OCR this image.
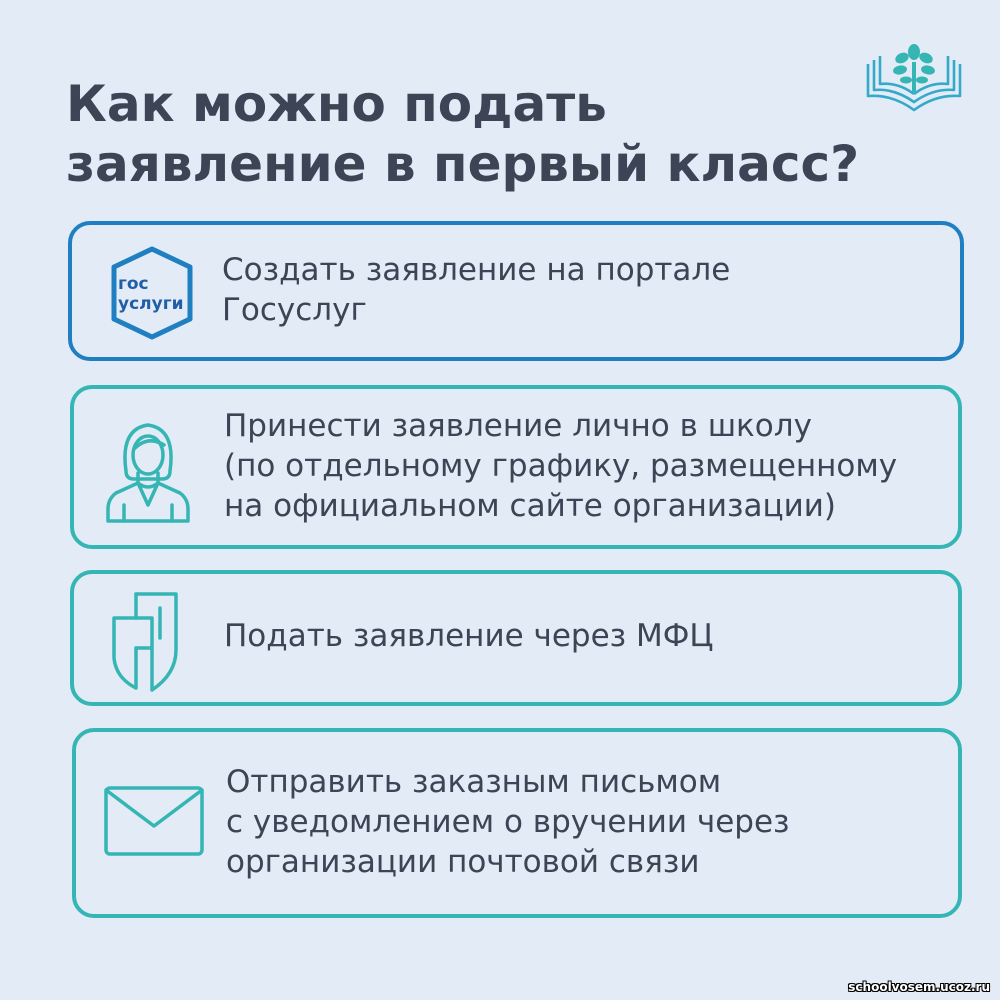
Как можно подать
заявление в первый класс?
гос
услуги
Создать заявление на портале
Госуслуг
Принести заявление лично в школу
(по отдельному графику, размещенному
на официальном сайте организации)
Подать заявление через МФЦ
Отправить заказным письмом
с уведомлением о вручении через
организации почтовой связи
schoolvosem.ucoz.ru
